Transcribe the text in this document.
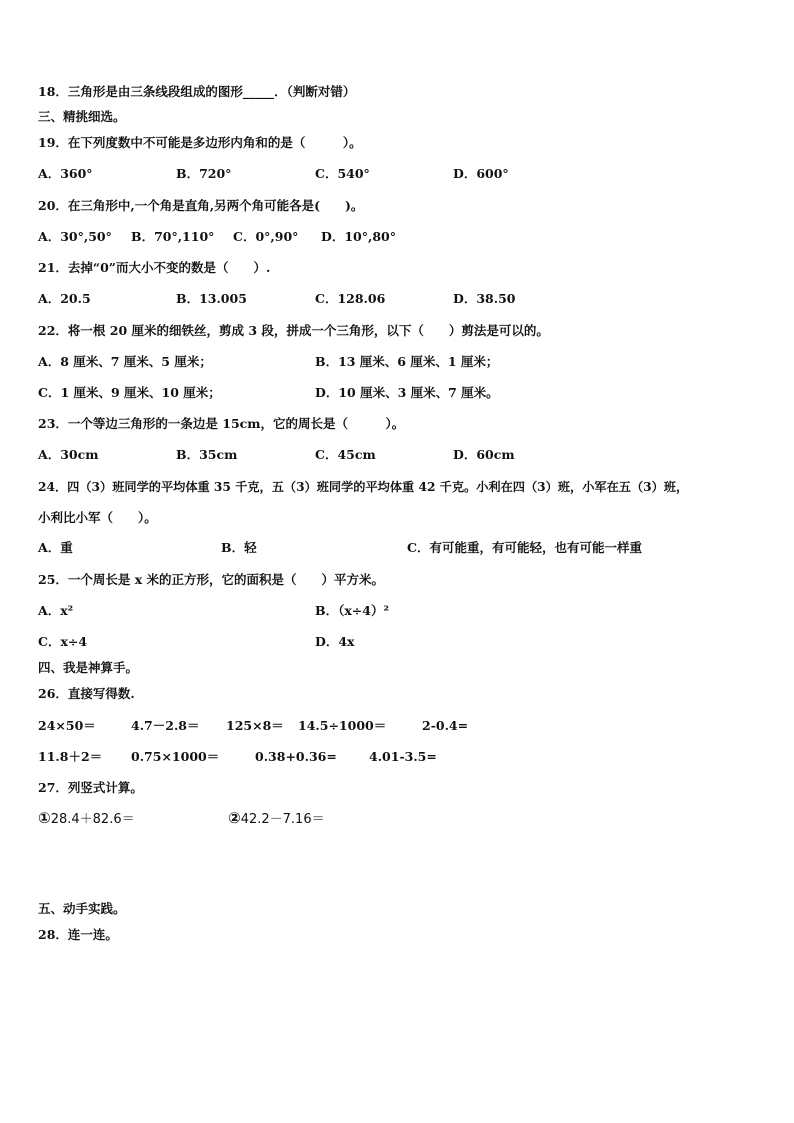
18．三角形是由三条线段组成的图形_____．（判断对错）
三、精挑细选。
19．在下列度数中不可能是多边形内角和的是（　　　）。
A．360°	B．720°	C．540°	D．600°
20．在三角形中,一个角是直角,另两个角可能各是(　　)。
A．30°,50° B．70°,110° C．0°,90° D．10°,80°
21．去掉“0”而大小不变的数是（　　）.
A．20.5	B．13.005	C．128.06	D．38.50
22．将一根 20 厘米的细铁丝，剪成 3 段，拼成一个三角形，以下（　　）剪法是可以的。
A．8 厘米、7 厘米、5 厘米；	B．13 厘米、6 厘米、1 厘米；
C．1 厘米、9 厘米、10 厘米；	D．10 厘米、3 厘米、7 厘米。
23．一个等边三角形的一条边是 15cm，它的周长是（　　　）。
A．30cm	B．35cm	C．45cm	D．60cm
24．四（3）班同学的平均体重 35 千克，五（3）班同学的平均体重 42 千克。小利在四（3）班，小军在五（3）班，
小利比小军（　　）。
A．重	B．轻	C．有可能重，有可能轻，也有可能一样重
25．一个周长是 x 米的正方形，它的面积是（　　）平方米。
A．x²	B．（x÷4）²
C．x÷4	D．4x
四、我是神算手。
26．直接写得数.
24×50＝	4.7－2.8＝ 125×8＝ 14.5÷1000＝	2-0.4=
11.8＋2＝ 0.75×1000＝	0.38+0.36=	4.01-3.5=
27．列竖式计算。
①28.4＋82.6＝	②42.2－7.16＝
五、动手实践。
28．连一连。
